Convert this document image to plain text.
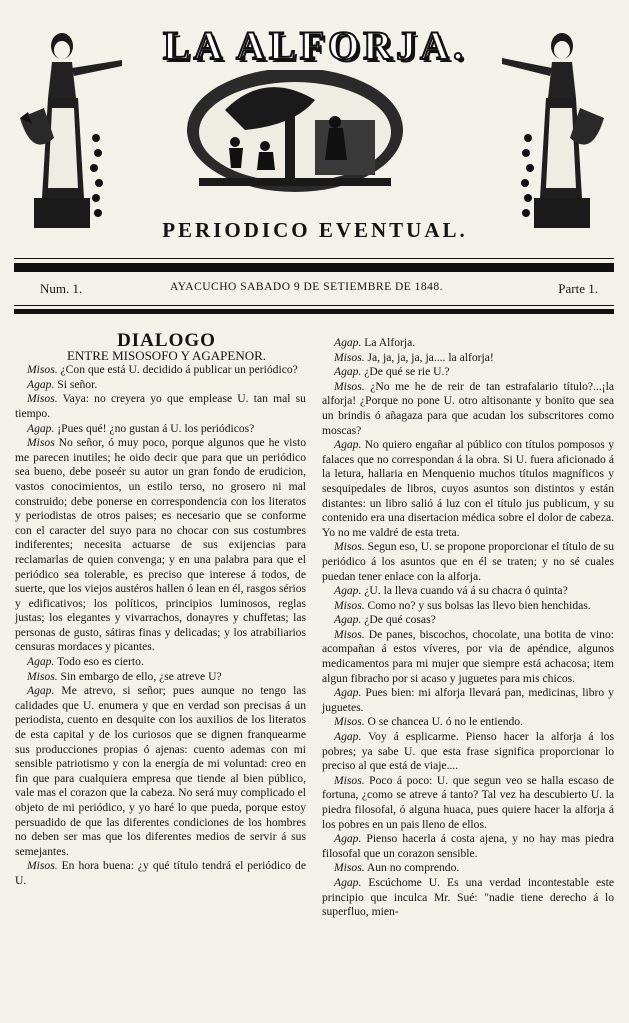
LA ALFORJA.
PERIODICO EVENTUAL.
Num. 1.	AYACUCHO SABADO 9 DE SETIEMBRE DE 1848.	Parte 1.

DIALOGO

ENTRE MISOSOFO Y AGAPENOR.

Misos. ¿Con que está U. decidido á publicar un periódico?

Agap. Si señor.

Misos. Vaya: no creyera yo que emplease U. tan mal su tiempo.

Agap. ¡Pues qué! ¿no gustan á U. los periódicos?

Misos No señor, ó muy poco, porque algunos que he visto me parecen inutiles; he oido decir que para que un periódico sea bueno, debe poseér su autor un gran fondo de erudicion, vastos conocimientos, un estilo terso, no grosero ni mal construido; debe ponerse en correspondencia con los literatos y periodistas de otros paises; es necesario que se conforme con el caracter del suyo para no chocar con sus costumbres indiferentes; necesita actuarse de sus exijencias para reclamarlas de quien convenga; y en una palabra para que el periódico sea tolerable, es preciso que interese á todos, de suerte, que los viejos austéros hallen ó lean en él, rasgos sérios y edificativos; los políticos, principios luminosos, reglas justas; los elegantes y vivarrachos, donayres y chuffetas; las personas de gusto, sátiras finas y delicadas; y los atrabiliarios censuras mordaces y picantes.

Agap. Todo eso es cierto.

Misos. Sin embargo de ello, ¿se atreve U?

Agap. Me atrevo, si señor; pues aunque no tengo las calidades que U. enumera y que en verdad son precisas á un periodista, cuento en desquite con los auxilios de los literatos de esta capital y de los curiosos que se dignen franquearme sus producciones propias ó ajenas: cuento ademas con mi sensible patriotismo y con la energía de mi voluntad: creo en fin que para cualquiera empresa que tiende al bien público, vale mas el corazon que la cabeza. No será muy complicado el objeto de mi periódico, y yo haré lo que pueda, porque estoy persuadido de que las diferentes condiciones de los hombres no deben ser mas que los diferentes medios de servir á sus semejantes.

Misos. En hora buena: ¿y qué título tendrá el periódico de U.

Agap. La Alforja.

Misos. Ja, ja, ja, ja, ja.... la alforja!

Agap. ¿De qué se rie U.?

Misos. ¿No me he de reir de tan estrafalario título?...¡la alforja! ¿Porque no pone U. otro altisonante y bonito que sea un brindis ó añagaza para que acudan los subscritores como moscas?

Agap. No quiero engañar al público con títulos pomposos y falaces que no correspondan á la obra. Si U. fuera aficionado á la letura, hallaria en Menquenio muchos títulos magníficos y sesquipedales de libros, cuyos asuntos son distintos y están distantes: un libro salió á luz con el título jus publicum, y su contenido era una disertacion médica sobre el dolor de cabeza. Yo no me valdré de esta treta.

Misos. Segun eso, U. se propone proporcionar el título de su periódico á los asuntos que en él se traten; y no sé cuales puedan tener enlace con la alforja.

Agap. ¿U. la lleva cuando vá á su chacra ó quinta?

Misos. Como no? y sus bolsas las llevo bien henchidas.

Agap. ¿De qué cosas?

Misos. De panes, biscochos, chocolate, una botita de vino: acompañan á estos víveres, por via de apéndice, algunos medicamentos para mi mujer que siempre está achacosa; item algun fibracho por si acaso y juguetes para mis chicos.

Agap. Pues bien: mi alforja llevará pan, medicinas, libro y juguetes.

Misos. O se chancea U. ó no le entiendo.

Agap. Voy á esplicarme. Pienso hacer la alforja á los pobres; ya sabe U. que esta frase significa proporcionar lo preciso al que está de viaje....

Misos. Poco á poco: U. que segun veo se halla escaso de fortuna, ¿como se atreve á tanto? Tal vez ha descubierto U. la piedra filosofal, ó alguna huaca, pues quiere hacer la alforja á los pobres en un pais lleno de ellos.

Agap. Pienso hacerla á costa ajena, y no hay mas piedra filosofal que un corazon sensible.

Misos. Aun no comprendo.

Agap. Escúchome U. Es una verdad incontestable este principio que inculca Mr. Sué: "nadie tiene derecho á lo superfluo, mien-
